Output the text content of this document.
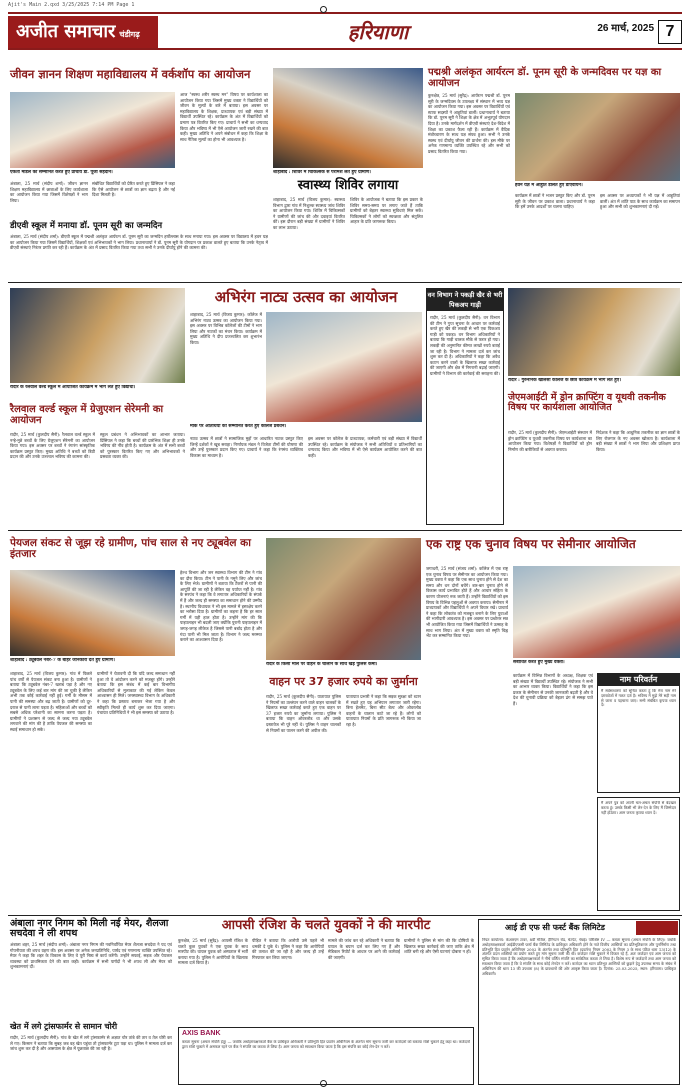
Ajit's Main 2.qxd 3/25/2025 7:14 PM Page 1
अजीत समाचार चंडीगढ़	हरियाणा	26 मार्च, 2025 7
जीवन ज्ञानन शिक्षण महाविद्यालय में वर्कशॉप का आयोजन
एकता मंडिल को सम्मानित करते हुए प्राचार्य डॉ. पूजा सहदान।
अंबाला, 25 मार्च (संदीप शर्मा): जीवन ज्ञानन शिक्षण महाविद्यालय में छात्राओं के लिए कार्यशाला का आयोजन किया गया जिसमें विशेषज्ञों ने भाग लिया।
संबोधित विद्यार्थियों को प्रेरित करते हुए प्रिंसिपल ने कहा कि ऐसे आयोजन से छात्रों का ज्ञान बढ़ता है और नई दिशा मिलती है।
आज "स्वस्थ शरीर स्वस्थ मन" विषय पर कार्यशाला का आयोजन किया गया जिसमें मुख्य वक्ता ने विद्यार्थियों को जीवन के मूल्यों के बारे में बताया। इस अवसर पर महाविद्यालय के शिक्षक, प्राध्यापक एवं बड़ी संख्या में विद्यार्थी उपस्थित रहे। कार्यक्रम के अंत में विद्यार्थियों को प्रमाण पत्र वितरित किए गए। प्राचार्य ने सभी का धन्यवाद किया और भविष्य में भी ऐसे आयोजन जारी रखने की बात कही। मुख्य अतिथि ने अपने संबोधन में कहा कि शिक्षा के साथ नैतिक मूल्यों का होना भी आवश्यक है।
डीएवी स्कूल में मनाया डॉ. पूनम सूरी का जन्मदिन
अंबाला, 25 मार्च (संदीप शर्मा): डीएवी स्कूल में पद्मश्री अलंकृत आर्यरत्न डॉ. पूनम सूरी का जन्मदिन हर्षोल्लास के साथ मनाया गया। इस अवसर पर विद्यालय में हवन यज्ञ का आयोजन किया गया जिसमें विद्यार्थियों, शिक्षकों एवं अभिभावकों ने भाग लिया। प्रधानाचार्या ने डॉ. पूनम सूरी के योगदान पर प्रकाश डालते हुए बताया कि उनके नेतृत्व में डीएवी संस्थाएं निरंतर प्रगति कर रही हैं। कार्यक्रम के अंत में प्रसाद वितरित किया गया तथा सभी ने उनके दीर्घायु होने की कामना की।
शाहाबाद : शिविर में चिकित्सक से परामर्श लेते हुए ग्रामीण।
स्वास्थ्य शिविर लगाया
शाहाबाद, 25 मार्च (विजय कुमार): स्वास्थ्य विभाग द्वारा गांव में निशुल्क स्वास्थ्य जांच शिविर का आयोजन किया गया। शिविर में चिकित्सकों ने ग्रामीणों की जांच की और दवाइयां वितरित कीं। इस दौरान बड़ी संख्या में ग्रामीणों ने शिविर का लाभ उठाया।
शिविर के आयोजक ने बताया कि इस प्रकार के शिविर समय-समय पर लगाए जाते हैं ताकि ग्रामीणों को बेहतर स्वास्थ्य सुविधाएं मिल सकें। चिकित्सकों ने लोगों को स्वच्छता और संतुलित आहार के प्रति जागरूक किया।
पद्मश्री अलंकृत आर्यरत्न डॉ. पूनम सूरी के जन्मदिवस पर यज्ञ का आयोजन
कुरुक्षेत्र, 25 मार्च (सुरेंद्र): आर्यरत्न पद्मश्री डॉ. पूनम सूरी के जन्मदिवस के उपलक्ष्य में संस्थान में भव्य यज्ञ का आयोजन किया गया। इस अवसर पर विद्यार्थियों एवं स्टाफ सदस्यों ने आहुतियां डालीं। प्रधानाचार्य ने बताया कि डॉ. पूनम सूरी ने शिक्षा के क्षेत्र में अभूतपूर्व योगदान दिया है। उनके मार्गदर्शन में डीएवी संस्थाएं देश-विदेश में शिक्षा का प्रकाश फैला रही हैं। कार्यक्रम में वैदिक मंत्रोच्चारण के साथ यज्ञ संपन्न हुआ। सभी ने उनके स्वस्थ एवं दीर्घायु जीवन की प्रार्थना की। इस मौके पर अनेक गणमान्य व्यक्ति उपस्थित रहे और सभी को प्रसाद वितरित किया गया।
हवन यज्ञ में आहुति डालते हुए डीएवीयन।
कार्यक्रम में छात्रों ने भजन प्रस्तुत किए और डॉ. पूनम सूरी के जीवन पर प्रकाश डाला। प्रधानाचार्य ने कहा कि हमें उनके आदर्शों पर चलना चाहिए।
इस अवसर पर अध्यापकों ने भी यज्ञ में आहुतियां डालीं। अंत में शांति पाठ के साथ कार्यक्रम का समापन हुआ और सभी को शुभकामनाएं दी गईं।
रादौर के रैलवाल वर्ल्ड स्कूल में आयोजित कार्यक्रम में भाग लेते हुए विद्यार्थी।
रैलवाल वर्ल्ड स्कूल में ग्रेजुएशन सेरेमनी का आयोजन
रादौर, 25 मार्च (कुलदीप सैनी): रैलवाल वर्ल्ड स्कूल में नन्हे-मुन्ने बच्चों के लिए ग्रेजुएशन सेरेमनी का आयोजन किया गया। इस अवसर पर बच्चों ने रंगारंग सांस्कृतिक कार्यक्रम प्रस्तुत किए। मुख्य अतिथि ने बच्चों को डिग्री प्रदान की और उनके उज्ज्वल भविष्य की कामना की।
स्कूल प्रबंधन ने अभिभावकों का आभार जताया। प्रिंसिपल ने कहा कि बच्चों की प्रारंभिक शिक्षा ही उनके भविष्य की नींव होती है। कार्यक्रम के अंत में सभी बच्चों को पुरस्कार वितरित किए गए और अभिभावकों ने प्रसन्नता व्यक्त की।
अभिरंग नाट्य उत्सव का आयोजन
शाहाबाद, 25 मार्च (विजय कुमार): कॉलेज में अभिरंग नाट्य उत्सव का आयोजन किया गया। इस अवसर पर विभिन्न कॉलेजों की टीमों ने भाग लिया और नाटकों का मंचन किया। कार्यक्रम में मुख्य अतिथि ने दीप प्रज्ज्वलित कर शुभारंभ किया।
मौके पर अतिथियों को सम्मानित करते हुए कॉलेज प्रबंधन।
नाट्य उत्सव में छात्रों ने सामाजिक मुद्दों पर आधारित नाटक प्रस्तुत किए जिन्हें दर्शकों ने खूब सराहा। निर्णायक मंडल ने विजेता टीमों की घोषणा की और उन्हें पुरस्कार प्रदान किए गए। प्राचार्य ने कहा कि रंगमंच व्यक्तित्व विकास का माध्यम है।
इस अवसर पर कॉलेज के प्राध्यापक, कर्मचारी एवं बड़ी संख्या में विद्यार्थी उपस्थित रहे। कार्यक्रम के संयोजक ने सभी अतिथियों व प्रतिभागियों का धन्यवाद किया और भविष्य में भी ऐसे कार्यक्रम आयोजित करने की बात कही।
वन विभाग ने पकड़ी खैर से भरी पिकअप गाड़ी
रादौर, 25 मार्च (कुलदीप सैनी): वन विभाग की टीम ने गुप्त सूचना के आधार पर कार्रवाई करते हुए खैर की लकड़ी से भरी एक पिकअप गाड़ी को पकड़ा। वन विभाग अधिकारियों ने बताया कि गाड़ी चालक मौके से फरार हो गया। लकड़ी की अनुमानित कीमत लाखों रुपये बताई जा रही है। विभाग ने मामला दर्ज कर जांच शुरू कर दी है। अधिकारियों ने कहा कि अवैध कटान करने वालों के खिलाफ सख्त कार्रवाई की जाएगी और क्षेत्र में निगरानी बढ़ाई जाएगी। ग्रामीणों ने विभाग की कार्रवाई की सराहना की।
रादौर : गुरुनानक खालसा कॉलेज के छात्र कार्यक्रम में भाग लेते हुए।
जेएमआईटी में ड्रोन क्राफ्टिंग व यूथवी तकनीक विषय पर कार्यशाला आयोजित
रादौर, 25 मार्च (कुलदीप सैनी): जेएमआईटी संस्थान में ड्रोन क्राफ्टिंग व यूथवी तकनीक विषय पर कार्यशाला का आयोजन किया गया। विशेषज्ञों ने विद्यार्थियों को ड्रोन निर्माण की बारीकियों से अवगत कराया।
निदेशक ने कहा कि आधुनिक तकनीक का ज्ञान छात्रों के लिए रोजगार के नए अवसर खोलता है। कार्यशाला में बड़ी संख्या में छात्रों ने भाग लिया और प्रशिक्षण प्राप्त किया।
पेयजल संकट से जूझ रहे ग्रामीण, पांच साल से नए ट्यूबवेल का इंतजार
शाहाबाद : ट्यूबवेल नंबर-7 के बाहर जानकारी देते हुए ग्रामीण।
शाहाबाद, 25 मार्च (विजय कुमार): गांव में पिछले पांच वर्षों से पेयजल संकट बना हुआ है। ग्रामीणों ने बताया कि ट्यूबवेल नंबर-7 खराब पड़ा है और नए ट्यूबवेल के लिए कई बार मांग की जा चुकी है लेकिन अभी तक कोई कार्रवाई नहीं हुई। गर्मी के मौसम में पानी की समस्या और बढ़ जाती है। ग्रामीणों को दूर-दराज से पानी लाना पड़ता है। महिलाओं और बच्चों को सबसे अधिक परेशानी का सामना करना पड़ता है। ग्रामीणों ने प्रशासन से जल्द से जल्द नया ट्यूबवेल लगवाने की मांग की है ताकि पेयजल की समस्या का स्थाई समाधान हो सके।
ग्रामीणों ने चेतावनी दी कि यदि जल्द समाधान नहीं हुआ तो वे आंदोलन करने को मजबूर होंगे। उन्होंने बताया कि इस संबंध में कई बार विभागीय अधिकारियों से मुलाकात की गई लेकिन केवल आश्वासन ही मिले। जनस्वास्थ्य विभाग के अधिकारी ने कहा कि प्रस्ताव बनाकर भेजा गया है और स्वीकृति मिलते ही कार्य शुरू कर दिया जाएगा। पंचायत प्रतिनिधियों ने भी इस समस्या को उठाया है।
हेल्थ विभाग और जन स्वास्थ्य विभाग की टीम ने गांव का दौरा किया। टीम ने पानी के नमूने लिए और जांच के लिए भेजे। ग्रामीणों ने बताया कि टैंकरों से पानी की आपूर्ति की जा रही है लेकिन वह पर्याप्त नहीं है। गांव के सरपंच ने कहा कि वे लगातार अधिकारियों के संपर्क में हैं और जल्द ही समस्या का समाधान होने की उम्मीद है। स्थानीय विधायक ने भी इस मामले में हस्तक्षेप करने का भरोसा दिया है। ग्रामीणों का कहना है कि हर साल गर्मी में यही हाल होता है। उन्होंने मांग की कि पाइपलाइन भी बदली जाए क्योंकि पुरानी पाइपलाइन में जगह-जगह लीकेज है जिससे पानी बर्बाद होता है और गंदा पानी भी मिल जाता है। विभाग ने जल्द मरम्मत कराने का आश्वासन दिया है।
रादौर के किसी मील पर वाहन के चालान के साथ खड़े पुलिस कर्मी।
वाहन पर 37 हजार रुपये का जुर्माना
रादौर, 25 मार्च (कुलदीप सैनी): यातायात पुलिस ने नियमों का उल्लंघन करने वाले वाहन चालकों के खिलाफ सख्त कार्रवाई करते हुए एक वाहन पर 37 हजार रुपये का जुर्माना लगाया। पुलिस ने बताया कि वाहन ओवरलोड था और उसके दस्तावेज भी पूरे नहीं थे। पुलिस ने वाहन चालकों से नियमों का पालन करने की अपील की।
यातायात प्रभारी ने कहा कि सड़क सुरक्षा को ध्यान में रखते हुए यह अभियान लगातार जारी रहेगा। बिना हेलमेट, बिना सीट बेल्ट और ओवरलोड वाहनों के चालान काटे जा रहे हैं। लोगों को यातायात नियमों के प्रति जागरूक भी किया जा रहा है।
एक राष्ट्र एक चुनाव विषय पर सेमीनार आयोजित
जगाधरी, 25 मार्च (संजय शर्मा): कॉलेज में एक राष्ट्र एक चुनाव विषय पर सेमीनार का आयोजन किया गया। मुख्य वक्ता ने कहा कि एक साथ चुनाव होने से देश का समय और धन दोनों बचेंगे। बार-बार चुनाव होने से विकास कार्य प्रभावित होते हैं और आचार संहिता के कारण योजनाएं रुक जाती हैं। उन्होंने विद्यार्थियों को इस विषय के विभिन्न पहलुओं से अवगत कराया। सेमीनार में प्राध्यापकों और विद्यार्थियों ने अपने विचार रखे। प्राचार्य ने कहा कि लोकतंत्र को मजबूत बनाने के लिए युवाओं की भागीदारी आवश्यक है। इस अवसर पर प्रश्नोत्तर सत्र भी आयोजित किया गया जिसमें विद्यार्थियों ने उत्साह के साथ भाग लिया। अंत में मुख्य वक्ता को स्मृति चिह्न भेंट कर सम्मानित किया गया।
संबोधित करते हुए मुख्य वक्ता।
कार्यक्रम में विभिन्न विभागों के अध्यक्ष, शिक्षक एवं बड़ी संख्या में विद्यार्थी उपस्थित रहे। संयोजक ने सभी का आभार व्यक्त किया। विद्यार्थियों ने कहा कि इस प्रकार के सेमीनार से उनकी जानकारी बढ़ती है और वे देश की चुनावी प्रक्रिया को बेहतर ढंग से समझ पाते हैं।
नाम परिवर्तन
मैं सर्वसाधारण को सूचित करता हूं कि मेरा नाम मेरे दस्तावेजों में गलत दर्ज है। भविष्य में मुझे मेरे सही नाम से जाना व पहचाना जाए। सभी संबंधित कृपया ध्यान दें।
मैं अपने पुत्र को अपनी चल-अचल संपत्ति से बेदखल करता हूं। उसके किसी भी लेन-देन के लिए मैं जिम्मेदार नहीं होऊंगा। आम जनता कृपया ध्यान दें।
अंबाला नगर निगम को मिली नई मेयर, शैलजा सचदेवा ने ली शपथ
अंबाला शहर, 25 मार्च (संदीप शर्मा): अंबाला नगर निगम की नवनिर्वाचित मेयर शैलजा सचदेवा ने पद एवं गोपनीयता की शपथ ग्रहण की। इस अवसर पर अनेक जनप्रतिनिधि, पार्षद एवं गणमान्य व्यक्ति उपस्थित रहे। मेयर ने कहा कि शहर के विकास के लिए वे पूरी निष्ठा से कार्य करेंगी। उन्होंने सफाई, सड़क और पेयजल व्यवस्था को प्राथमिकता देने की बात कही। कार्यक्रम में सभी पार्षदों ने भी शपथ ली और मेयर को शुभकामनाएं दीं।
खेत में लगे ट्रांसफार्मर से सामान चोरी
रादौर, 25 मार्च (कुलदीप सैनी): गांव के खेत में लगे ट्रांसफार्मर से अज्ञात चोर तांबे की तार व तेल चोरी कर ले गए। किसान ने बताया कि सुबह जब वह खेत पहुंचा तो ट्रांसफार्मर टूटा पड़ा था। पुलिस ने मामला दर्ज कर जांच शुरू कर दी है और आसपास के क्षेत्र में पूछताछ की जा रही है।
आपसी रंजिश के चलते युवकों ने की मारपीट
कुरुक्षेत्र, 25 मार्च (सुरेंद्र): आपसी रंजिश के चलते कुछ युवकों ने एक युवक के साथ मारपीट की। घायल युवक को अस्पताल में भर्ती कराया गया है। पुलिस ने आरोपियों के खिलाफ मामला दर्ज किया है।
पीड़ित ने बताया कि आरोपी उसे पहले भी धमकी दे चुके थे। पुलिस ने कहा कि आरोपियों की तलाश की जा रही है और जल्द ही उन्हें गिरफ्तार कर लिया जाएगा।
मामले की जांच कर रहे अधिकारी ने बताया कि घायल के बयान दर्ज कर लिए गए हैं और मेडिकल रिपोर्ट के आधार पर आगे की कार्रवाई की जाएगी।
ग्रामीणों ने पुलिस से मांग की कि दोषियों के खिलाफ सख्त कार्रवाई की जाए ताकि क्षेत्र में शांति बनी रहे और ऐसी घटनाएं दोबारा न हों।
AXIS BANK
कब्जा सूचना (अचल संपत्ति हेतु) — जबकि अधोहस्ताक्षरकर्ता बैंक के प्राधिकृत अधिकारी ने प्रतिभूति हित प्रवर्तन अधिनियम के अंतर्गत मांग सूचना जारी कर कर्जदारों को बकाया राशि चुकाने हेतु कहा था। कर्जदारों द्वारा राशि चुकाने में असफल रहने पर बैंक ने संपत्ति का कब्जा ले लिया है। आम जनता को सावधान किया जाता है कि इस संपत्ति का कोई लेन-देन न करें।
आई डी एफ सी फर्स्ट बैंक लिमिटेड
नियत कार्यालय: केआरएम टावर, 8वीं मंजिल, हैरिंगटन रोड, चेटपेट, चेन्नई। परिशिष्ट IV — कब्जा सूचना (अचल संपत्ति के लिए)। जबकि अधोहस्ताक्षरकर्ता आईडीएफसी फर्स्ट बैंक लिमिटेड के प्राधिकृत अधिकारी होने के नाते वित्तीय आस्तियों का प्रतिभूतिकरण और पुनर्निर्माण तथा प्रतिभूति हित प्रवर्तन अधिनियम 2002 के अंतर्गत तथा प्रतिभूति हित (प्रवर्तन) नियम 2002 के नियम 3 के साथ पठित धारा 13(12) के अंतर्गत प्रदत्त शक्तियों का प्रयोग करते हुए मांग सूचना जारी की थी। कर्जदार राशि चुकाने में विफल रहे हैं, अतः कर्जदार एवं आम जनता को सूचित किया जाता है कि अधोहस्ताक्षरकर्ता ने नीचे वर्णित संपत्ति का सांकेतिक कब्जा ले लिया है। विशेष रूप से कर्जदारों तथा आम जनता को सावधान किया जाता है कि वे संपत्ति के साथ कोई लेनदेन न करें। कर्जदार का ध्यान प्रतिभूत आस्तियों को छुड़ाने हेतु उपलब्ध समय के संबंध में अधिनियम की धारा 13 की उपधारा (8) के प्रावधानों की ओर आकृष्ट किया जाता है। दिनांक: 25.03.2025, स्थान: हरियाणा। प्राधिकृत अधिकारी।
